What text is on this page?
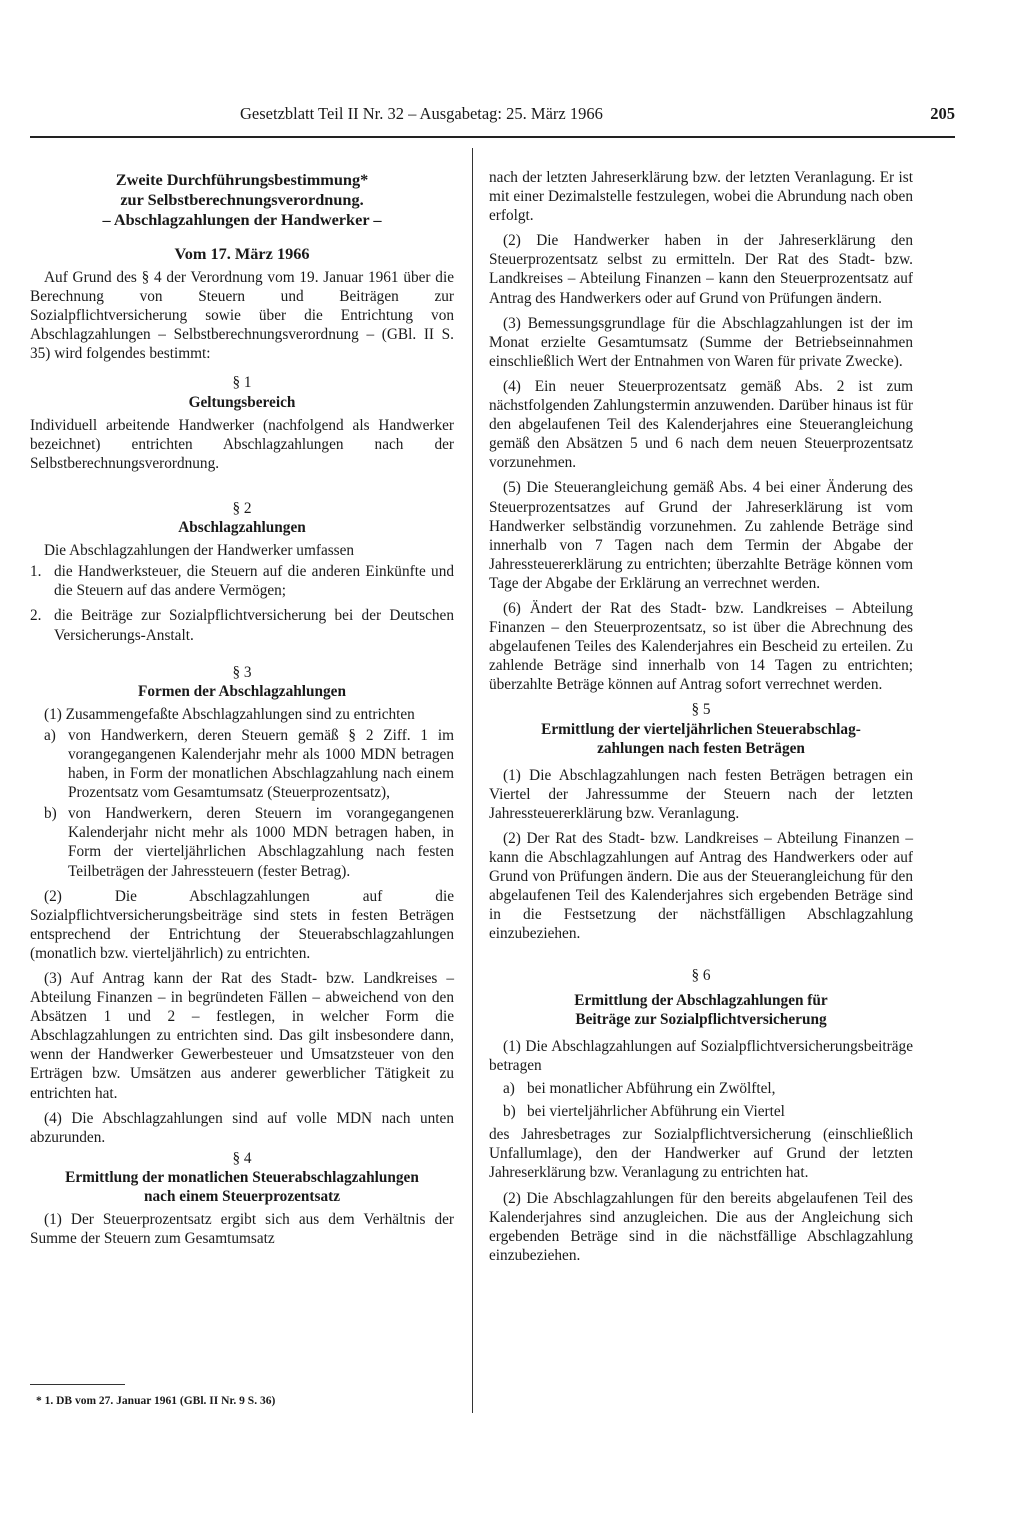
Gesetzblatt Teil II Nr. 32 – Ausgabetag: 25. März 1966	205
Zweite Durchführungsbestimmung*
zur Selbstberechnungsverordnung.
– Abschlagzahlungen der Handwerker –
Vom 17. März 1966

Auf Grund des § 4 der Verordnung vom 19. Januar 1961 über die Berechnung von Steuern und Beiträgen zur Sozialpflichtversicherung sowie über die Entrichtung von Abschlagzahlungen – Selbstberechnungsverordnung – (GBl. II S. 35) wird folgendes bestimmt:

§ 1
Geltungsbereich

Individuell arbeitende Handwerker (nachfolgend als Handwerker bezeichnet) entrichten Abschlagzahlungen nach der Selbstberechnungsverordnung.

§ 2
Abschlagzahlungen

Die Abschlagzahlungen der Handwerker umfassen

1. die Handwerksteuer, die Steuern auf die anderen Einkünfte und die Steuern auf das andere Vermögen;
2. die Beiträge zur Sozialpflichtversicherung bei der Deutschen Versicherungs-Anstalt.
§ 3
Formen der Abschlagzahlungen

(1) Zusammengefaßte Abschlagzahlungen sind zu entrichten

a) von Handwerkern, deren Steuern gemäß § 2 Ziff. 1 im vorangegangenen Kalenderjahr mehr als 1000 MDN betragen haben, in Form der monatlichen Abschlagzahlung nach einem Prozentsatz vom Gesamtumsatz (Steuerprozentsatz),
b) von Handwerkern, deren Steuern im vorangegangenen Kalenderjahr nicht mehr als 1000 MDN betragen haben, in Form der vierteljährlichen Abschlagzahlung nach festen Teilbeträgen der Jahressteuern (fester Betrag).

(2) Die Abschlagzahlungen auf die Sozialpflichtversicherungsbeiträge sind stets in festen Beträgen entsprechend der Entrichtung der Steuerabschlagzahlungen (monatlich bzw. vierteljährlich) zu entrichten.

(3) Auf Antrag kann der Rat des Stadt- bzw. Landkreises – Abteilung Finanzen – in begründeten Fällen – abweichend von den Absätzen 1 und 2 – festlegen, in welcher Form die Abschlagzahlungen zu entrichten sind. Das gilt insbesondere dann, wenn der Handwerker Gewerbesteuer und Umsatzsteuer von den Erträgen bzw. Umsätzen aus anderer gewerblicher Tätigkeit zu entrichten hat.

(4) Die Abschlagzahlungen sind auf volle MDN nach unten abzurunden.

§ 4
Ermittlung der monatlichen Steuerabschlagzahlungen
nach einem Steuerprozentsatz

(1) Der Steuerprozentsatz ergibt sich aus dem Verhältnis der Summe der Steuern zum Gesamtumsatz

* 1. DB vom 27. Januar 1961 (GBl. II Nr. 9 S. 36)

nach der letzten Jahreserklärung bzw. der letzten Veranlagung. Er ist mit einer Dezimalstelle festzulegen, wobei die Abrundung nach oben erfolgt.

(2) Die Handwerker haben in der Jahreserklärung den Steuerprozentsatz selbst zu ermitteln. Der Rat des Stadt- bzw. Landkreises – Abteilung Finanzen – kann den Steuerprozentsatz auf Antrag des Handwerkers oder auf Grund von Prüfungen ändern.

(3) Bemessungsgrundlage für die Abschlagzahlungen ist der im Monat erzielte Gesamtumsatz (Summe der Betriebseinnahmen einschließlich Wert der Entnahmen von Waren für private Zwecke).

(4) Ein neuer Steuerprozentsatz gemäß Abs. 2 ist zum nächstfolgenden Zahlungstermin anzuwenden. Darüber hinaus ist für den abgelaufenen Teil des Kalenderjahres eine Steuerangleichung gemäß den Absätzen 5 und 6 nach dem neuen Steuerprozentsatz vorzunehmen.

(5) Die Steuerangleichung gemäß Abs. 4 bei einer Änderung des Steuerprozentsatzes auf Grund der Jahreserklärung ist vom Handwerker selbständig vorzunehmen. Zu zahlende Beträge sind innerhalb von 7 Tagen nach dem Termin der Abgabe der Jahressteuererklärung zu entrichten; überzahlte Beträge können vom Tage der Abgabe der Erklärung an verrechnet werden.

(6) Ändert der Rat des Stadt- bzw. Landkreises – Abteilung Finanzen – den Steuerprozentsatz, so ist über die Abrechnung des abgelaufenen Teiles des Kalenderjahres ein Bescheid zu erteilen. Zu zahlende Beträge sind innerhalb von 14 Tagen zu entrichten; überzahlte Beträge können auf Antrag sofort verrechnet werden.

§ 5
Ermittlung der vierteljährlichen Steuerabschlag-
zahlungen nach festen Beträgen

(1) Die Abschlagzahlungen nach festen Beträgen betragen ein Viertel der Jahressumme der Steuern nach der letzten Jahressteuererklärung bzw. Veranlagung.

(2) Der Rat des Stadt- bzw. Landkreises – Abteilung Finanzen – kann die Abschlagzahlungen auf Antrag des Handwerkers oder auf Grund von Prüfungen ändern. Die aus der Steuerangleichung für den abgelaufenen Teil des Kalenderjahres sich ergebenden Beträge sind in die Festsetzung der nächstfälligen Abschlagzahlung einzubeziehen.

§ 6
Ermittlung der Abschlagzahlungen für
Beiträge zur Sozialpflichtversicherung

(1) Die Abschlagzahlungen auf Sozialpflichtversicherungsbeiträge betragen

a) bei monatlicher Abführung ein Zwölftel,
b) bei vierteljährlicher Abführung ein Viertel

des Jahresbetrages zur Sozialpflichtversicherung (einschließlich Unfallumlage), den der Handwerker auf Grund der letzten Jahreserklärung bzw. Veranlagung zu entrichten hat.

(2) Die Abschlagzahlungen für den bereits abgelaufenen Teil des Kalenderjahres sind anzugleichen. Die aus der Angleichung sich ergebenden Beträge sind in die nächstfällige Abschlagzahlung einzubeziehen.
